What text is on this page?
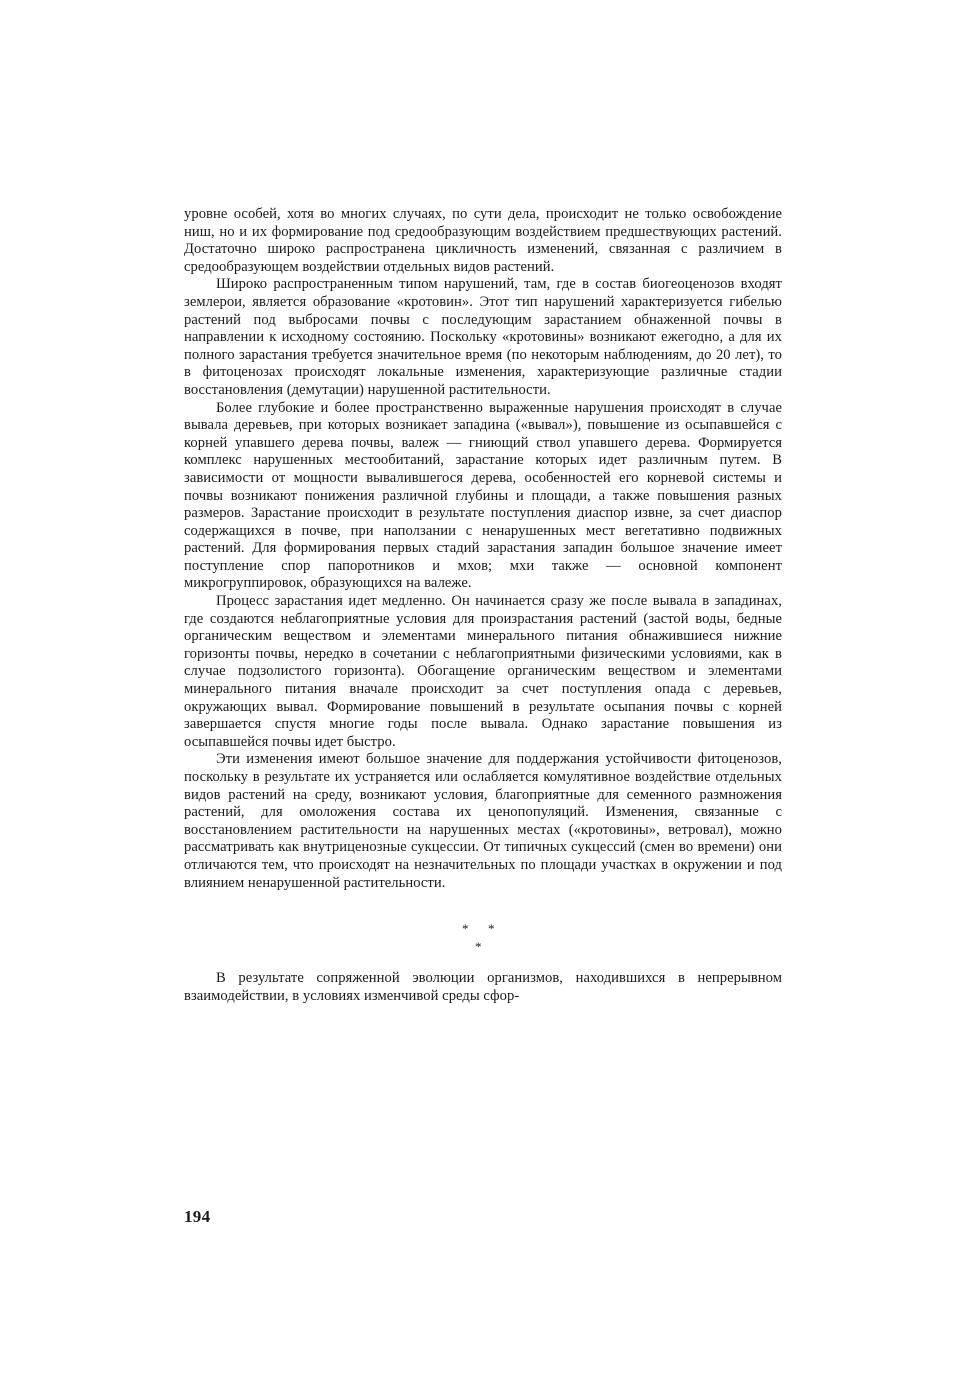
уровне особей, хотя во многих случаях, по сути дела, происходит не только освобождение ниш, но и их формирование под средообразующим воздействием предшествующих растений. Достаточно широко распространена цикличность изменений, связанная с различием в средообразующем воздействии отдельных видов растений.

Широко распространенным типом нарушений, там, где в состав биогеоценозов входят землерои, является образование «кротовин». Этот тип нарушений характеризуется гибелью растений под выбросами почвы с последующим зарастанием обнаженной почвы в направлении к исходному состоянию. Поскольку «кротовины» возникают ежегодно, а для их полного зарастания требуется значительное время (по некоторым наблюдениям, до 20 лет), то в фитоценозах происходят локальные изменения, характеризующие различные стадии восстановления (демутации) нарушенной растительности.

Более глубокие и более пространственно выраженные нарушения происходят в случае вывала деревьев, при которых возникает западина («вывал»), повышение из осыпавшейся с корней упавшего дерева почвы, валеж — гниющий ствол упавшего дерева. Формируется комплекс нарушенных местообитаний, зарастание которых идет различным путем. В зависимости от мощности вывалившегося дерева, особенностей его корневой системы и почвы возникают понижения различной глубины и площади, а также повышения разных размеров. Зарастание происходит в результате поступления диаспор извне, за счет диаспор содержащихся в почве, при наползании с ненарушенных мест вегетативно подвижных растений. Для формирования первых стадий зарастания западин большое значение имеет поступление спор папоротников и мхов; мхи также — основной компонент микрогруппировок, образующихся на валеже.

Процесс зарастания идет медленно. Он начинается сразу же после вывала в западинах, где создаются неблагоприятные условия для произрастания растений (застой воды, бедные органическим веществом и элементами минерального питания обнажившиеся нижние горизонты почвы, нередко в сочетании с неблагоприятными физическими условиями, как в случае подзолистого горизонта). Обогащение органическим веществом и элементами минерального питания вначале происходит за счет поступления опада с деревьев, окружающих вывал. Формирование повышений в результате осыпания почвы с корней завершается спустя многие годы после вывала. Однако зарастание повышения из осыпавшейся почвы идет быстро.

Эти изменения имеют большое значение для поддержания устойчивости фитоценозов, поскольку в результате их устраняется или ослабляется комулятивное воздействие отдельных видов растений на среду, возникают условия, благоприятные для семенного размножения растений, для омоложения состава их ценопопуляций. Изменения, связанные с восстановлением растительности на нарушенных местах («кротовины», ветровал), можно рассматривать как внутриценозные сукцессии. От типичных сукцессий (смен во времени) они отличаются тем, что происходят на незначительных по площади участках в окружении и под влиянием ненарушенной растительности.

* *
*

В результате сопряженной эволюции организмов, находившихся в непрерывном взаимодействии, в условиях изменчивой среды сфор-

194
